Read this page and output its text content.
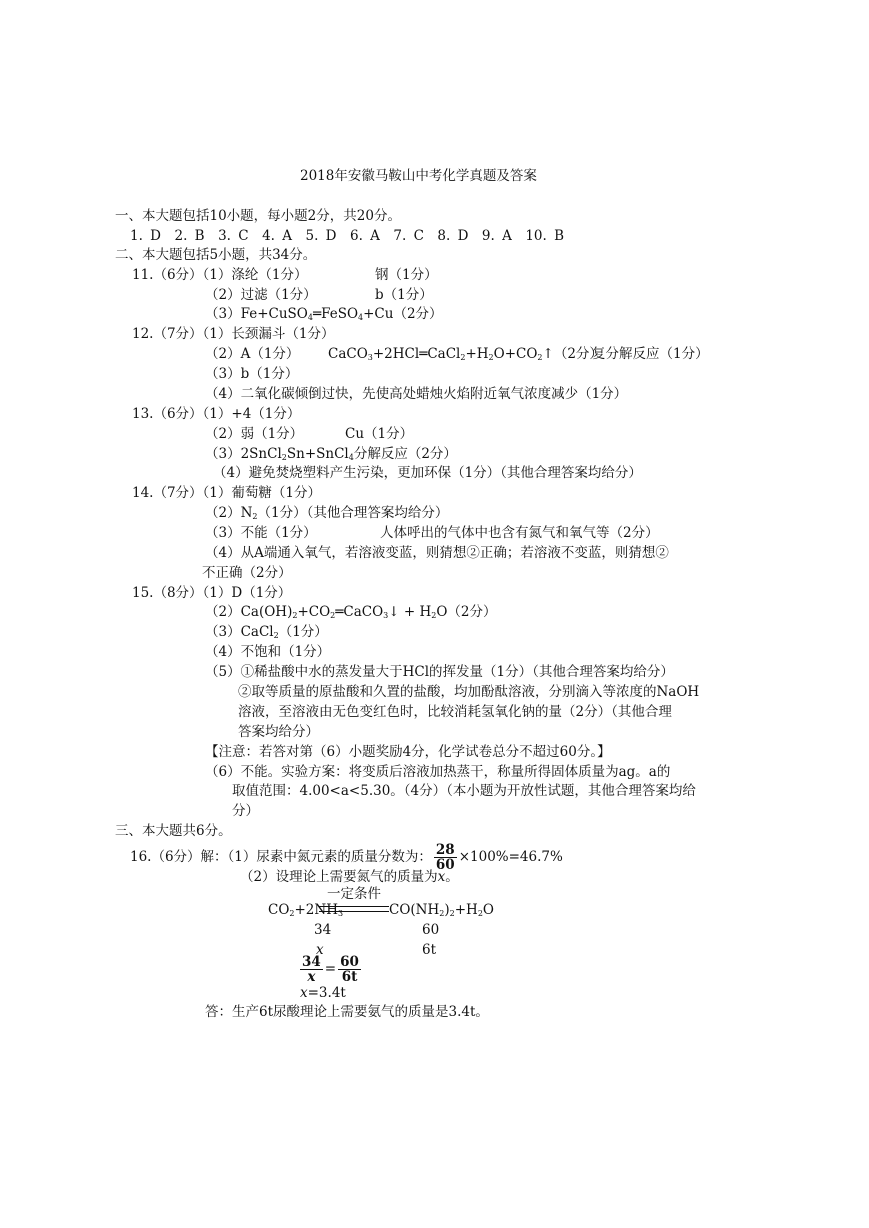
2018年安徽马鞍山中考化学真题及答案
一、本大题包括10小题，每小题2分，共20分。
1. D　2. B　3. C　4. A　5. D　6. A　7. C　8. D　9. A　10. B
二、本大题包括5小题，共34分。
11.（6分）（1）涤纶（1分）	钢（1分）
（2）过滤（1分）	b（1分）
（3）Fe+CuSO$_4$═FeSO$_4$+Cu（2分）
12.（7分）（1）长颈漏斗（1分）
（2）A（1分） $CaCO_3+2HCl═CaCl_2+H_2O+CO_2↑(2$分）
复分解反应（1分）
（3）b（1分）
（4）二氧化碳倾倒过快，先使高处蜡烛火焰附近氧气浓度减少（1分）
13.（6分）（1）+4（1分）
（2）弱（1分）	Cu（1分）
（3）2SnCl$_2$Sn+SnCl$_4$分解反应（2分）
（4）避免焚烧塑料产生污染，更加环保（1分）（其他合理答案均给分）
14.（7分）（1）葡萄糖（1分）
$(2)N_2(1$分）（其他合理答案均给分）
（3）不能（1分）	人体呼出的气体中也含有氮气和氧气等（2分）
（4）从A端通入氧气，若溶液变蓝，则猜想②正确；若溶液不变蓝，则猜想②
不正确（2分）
15.（8分）（1）D（1分）
$(2)Ca(OH)_2+CO_2═CaCO_3↓ + H_2O(2$分）
（3）CaCl$_2$（1分）
（4）不饱和（1分）
（5）①稀盐酸中水的蒸发量大于HCl的挥发量（1分）（其他合理答案均给分）
②取等质量的原盐酸和久置的盐酸，均加酚酞溶液，分别滴入等浓度的NaOH
溶液，至溶液由无色变红色时，比较消耗氢氧化钠的量（2分）（其他合理
答案均给分）
【注意：若答对第（6）小题奖励4分，化学试卷总分不超过60分。】
（6）不能。实验方案：将变质后溶液加热蒸干，称量所得固体质量为ag。a的
取值范围：4.00<a<5.30。（4分）（本小题为开放性试题，其他合理答案均给
分）
三、本大题共6分。
16.（6分）解：（1）尿素中氮元素的质量分数为： $\frac{28}{60} \times 100\%=46.7\%$
（2）设理论上需要氮气的质量为x。
一定条件
$CO_2+2NH_3$	$CO(NH_2)_2+H_2O$
34	60
x	6t
$\frac{34}{x} = \frac{60}{6t}$
x=3.4t
答：生产6t尿酸理论上需要氨气的质量是3.4t。
